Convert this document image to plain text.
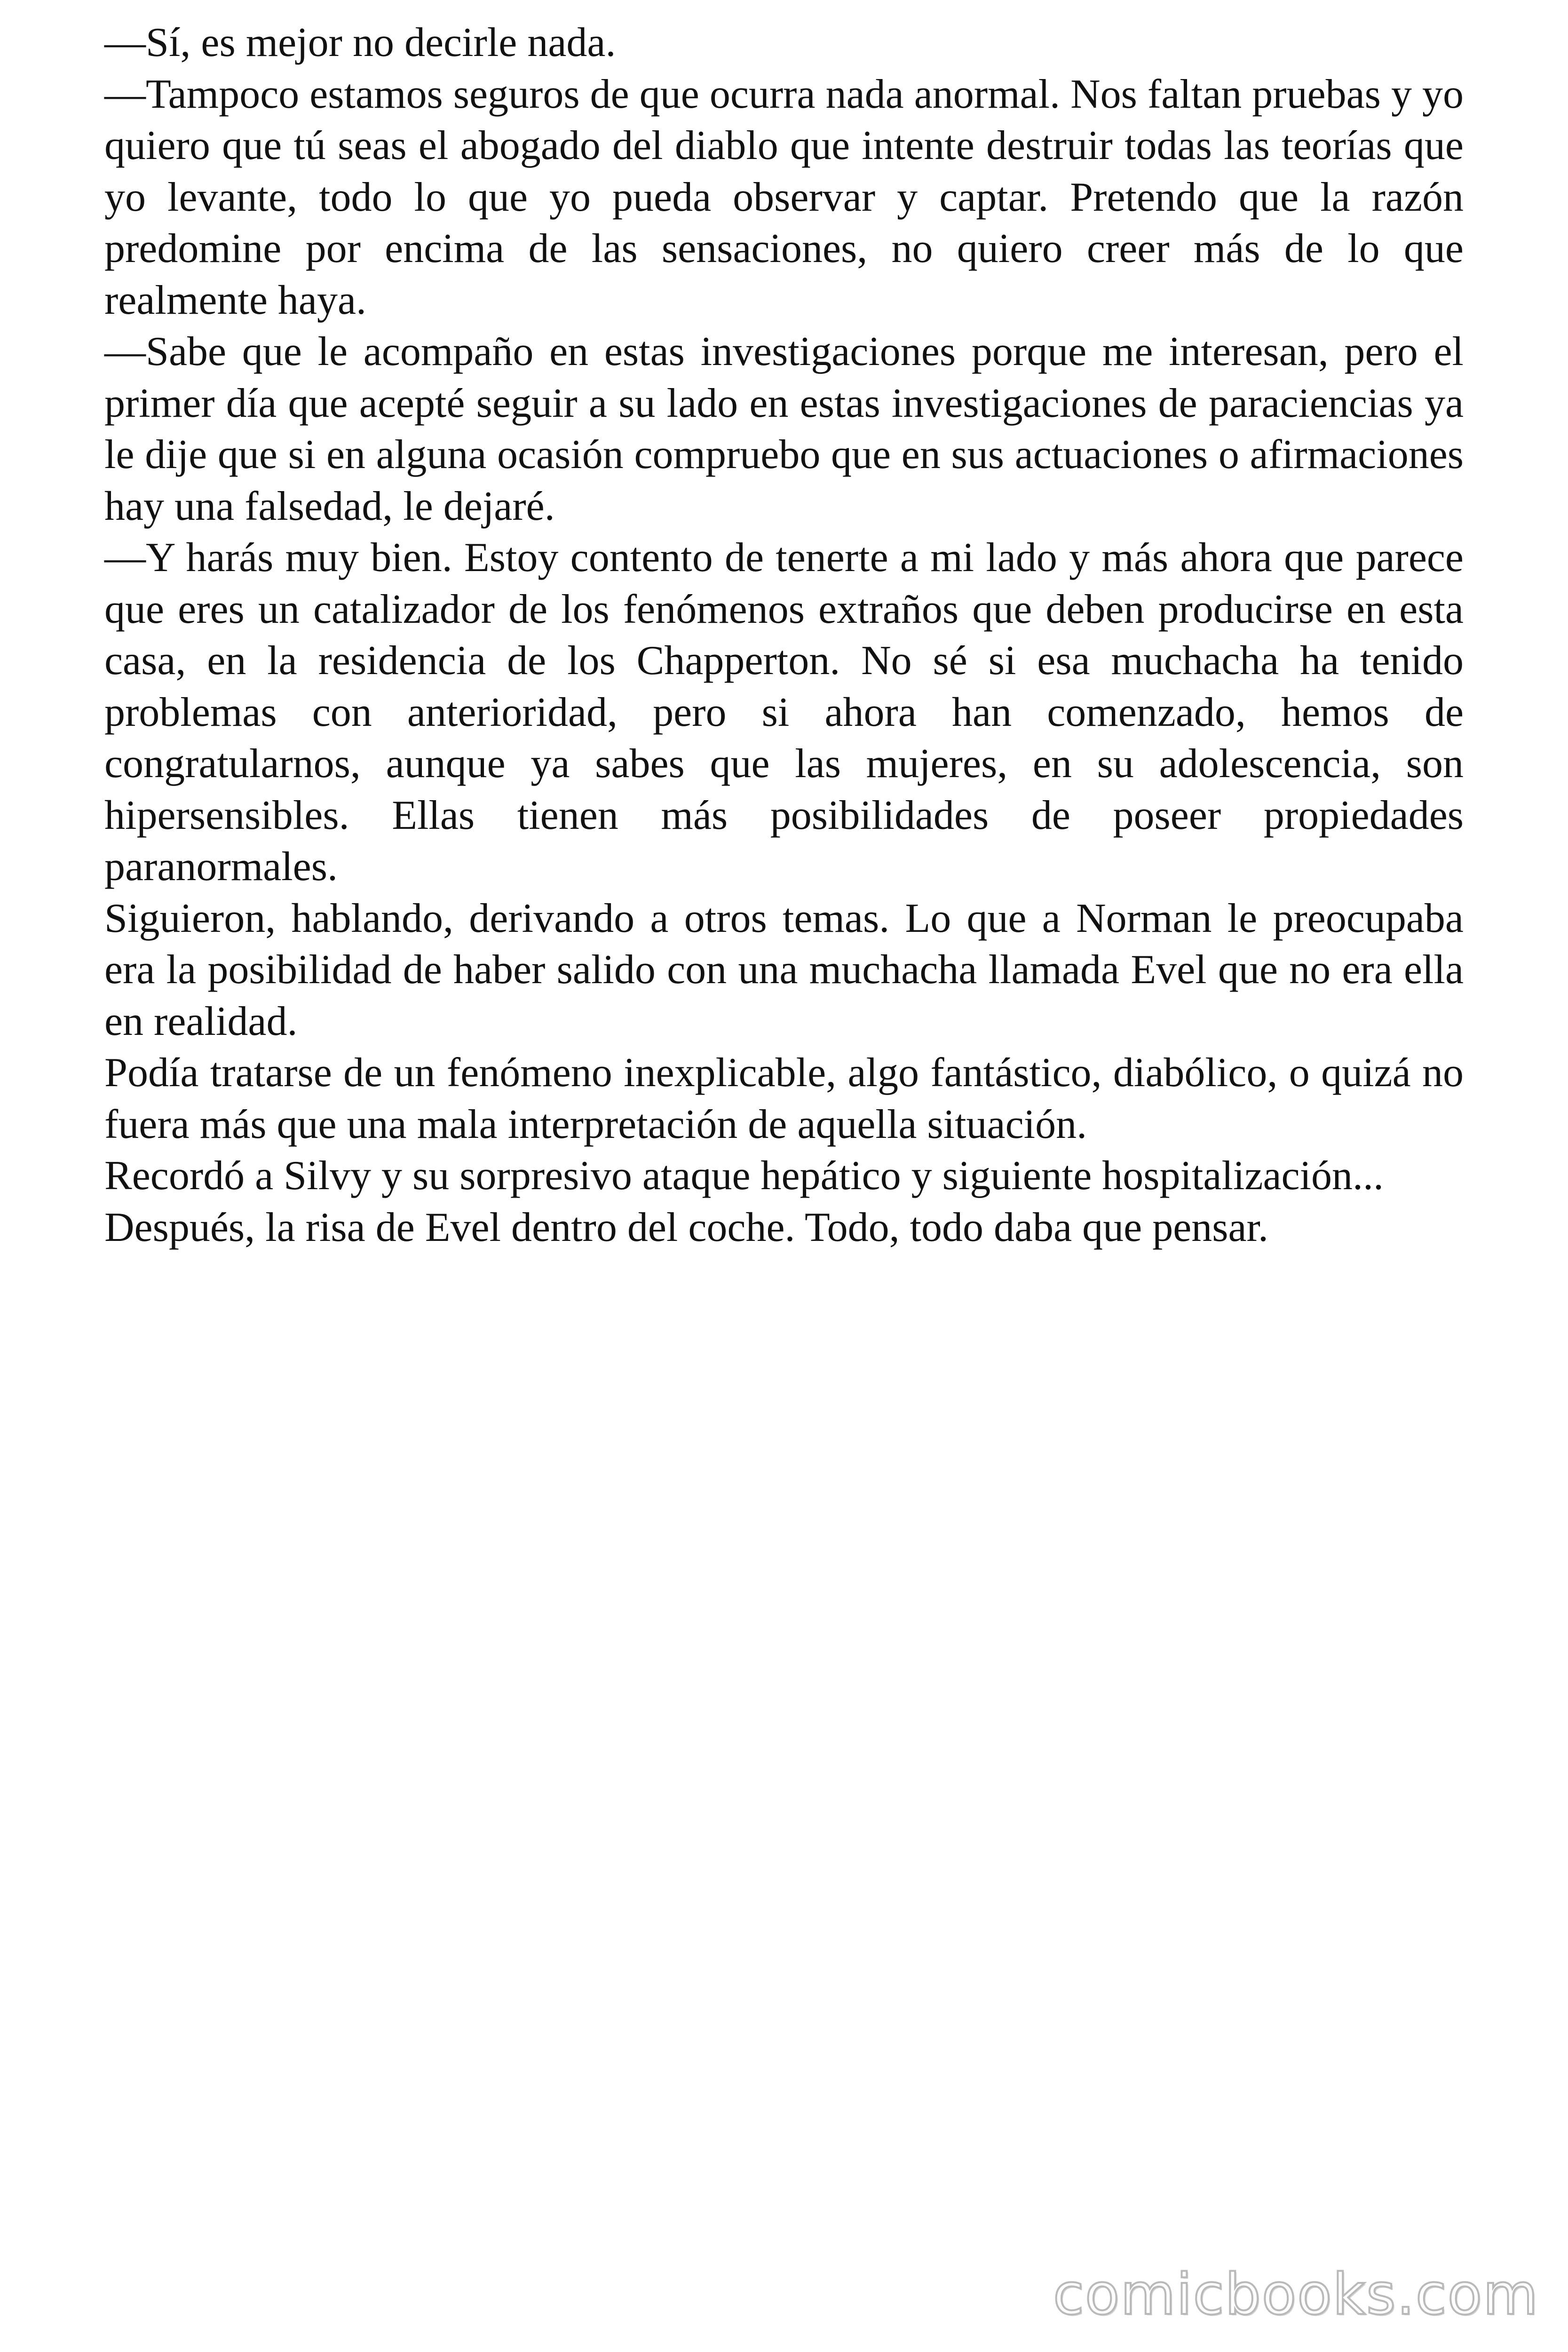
—Sí, es mejor no decirle nada.

—Tampoco estamos seguros de que ocurra nada anormal. Nos faltan pruebas y yo quiero que tú seas el abogado del diablo que intente destruir todas las teorías que yo levante, todo lo que yo pueda observar y captar. Pretendo que la razón predomine por encima de las sensaciones, no quiero creer más de lo que realmente haya.

—Sabe que le acompaño en estas investigaciones porque me interesan, pero el primer día que acepté seguir a su lado en estas investigaciones de paraciencias ya le dije que si en alguna ocasión compruebo que en sus actuaciones o afirmaciones hay una falsedad, le dejaré.

—Y harás muy bien. Estoy contento de tenerte a mi lado y más ahora que parece que eres un catalizador de los fenómenos extraños que deben producirse en esta casa, en la residencia de los Chapperton. No sé si esa muchacha ha tenido problemas con anterioridad, pero si ahora han comenzado, hemos de congratularnos, aunque ya sabes que las mujeres, en su adolescencia, son hipersensibles. Ellas tienen más posibilidades de poseer propiedades paranormales.

Siguieron, hablando, derivando a otros temas. Lo que a Norman le preocupaba era la posibilidad de haber salido con una muchacha llamada Evel que no era ella en realidad.

Podía tratarse de un fenómeno inexplicable, algo fantástico, diabólico, o quizá no fuera más que una mala interpretación de aquella situación.

Recordó a Silvy y su sorpresivo ataque hepático y siguiente hospitalización...

Después, la risa de Evel dentro del coche. Todo, todo daba que pensar.

comicbooks.com
